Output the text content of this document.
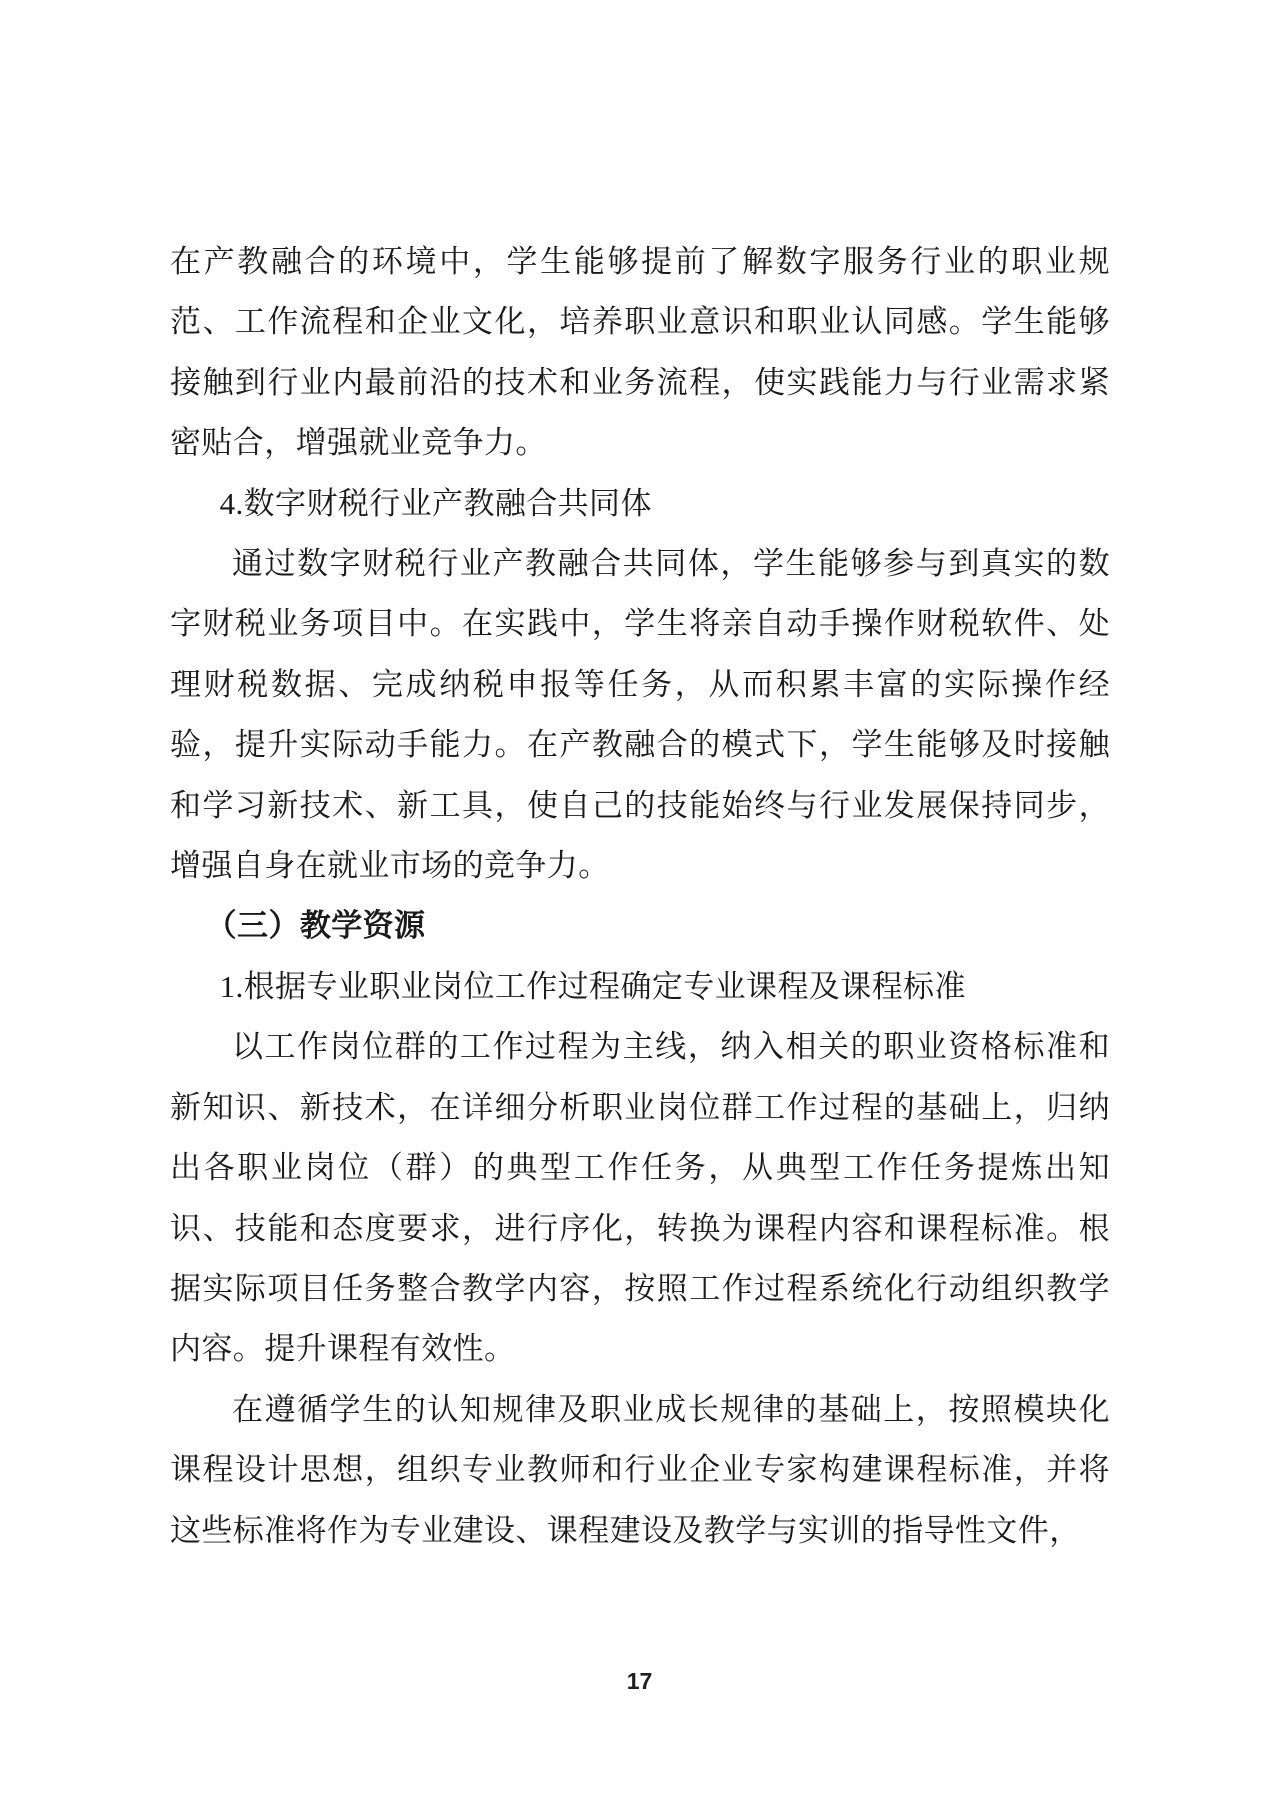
在产教融合的环境中，学生能够提前了解数字服务行业的职业规范、工作流程和企业文化，培养职业意识和职业认同感。学生能够接触到行业内最前沿的技术和业务流程，使实践能力与行业需求紧密贴合，增强就业竞争力。

4.数字财税行业产教融合共同体

通过数字财税行业产教融合共同体，学生能够参与到真实的数字财税业务项目中。在实践中，学生将亲自动手操作财税软件、处理财税数据、完成纳税申报等任务，从而积累丰富的实际操作经验，提升实际动手能力。在产教融合的模式下，学生能够及时接触和学习新技术、新工具，使自己的技能始终与行业发展保持同步，增强自身在就业市场的竞争力。

（三）教学资源

1.根据专业职业岗位工作过程确定专业课程及课程标准

以工作岗位群的工作过程为主线，纳入相关的职业资格标准和新知识、新技术，在详细分析职业岗位群工作过程的基础上，归纳出各职业岗位（群）的典型工作任务，从典型工作任务提炼出知识、技能和态度要求，进行序化，转换为课程内容和课程标准。根据实际项目任务整合教学内容，按照工作过程系统化行动组织教学内容。提升课程有效性。

在遵循学生的认知规律及职业成长规律的基础上，按照模块化课程设计思想，组织专业教师和行业企业专家构建课程标准，并将这些标准将作为专业建设、课程建设及教学与实训的指导性文件，

17
